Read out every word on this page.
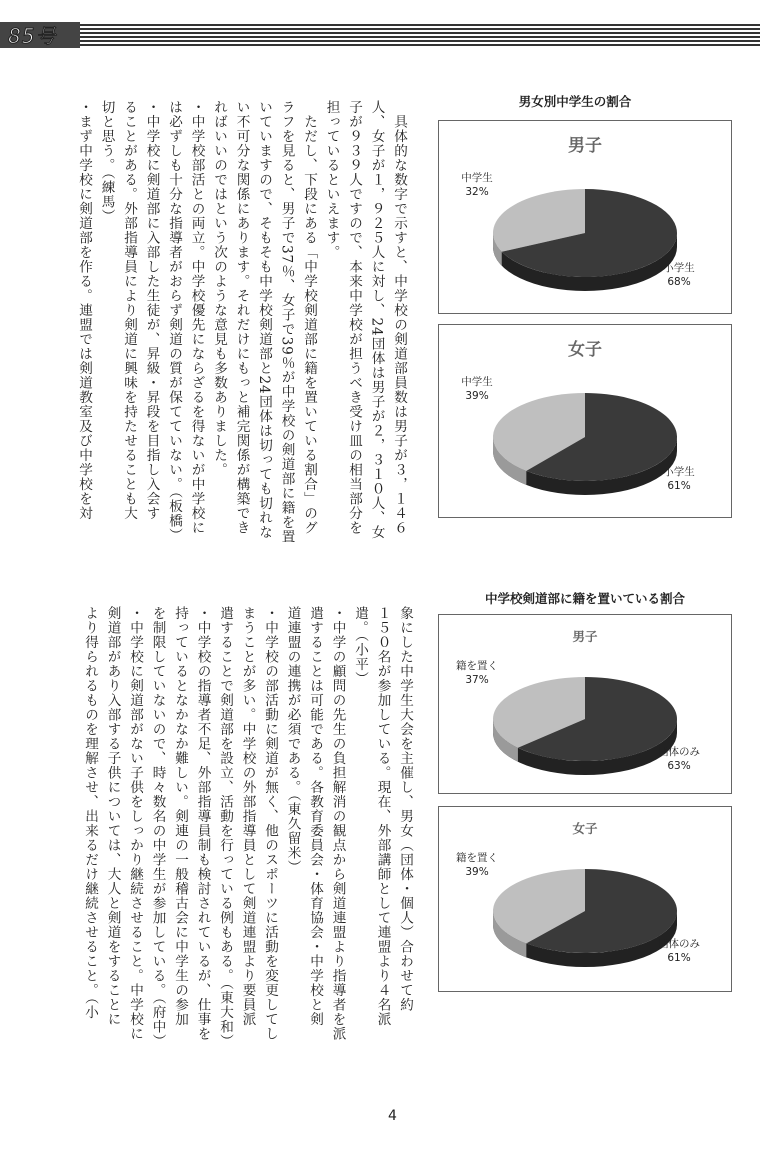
85号
　具体的な数字で示すと、中学校の剣道部員数は男子が３，１４６
人、女子が１，９２５人に対し、24団体は男子が２，３１０人、女
子が９３９人ですので、本来中学校が担うべき受け皿の相当部分を
担っているといえます。
　ただし、下段にある「中学校剣道部に籍を置いている割合」のグ
ラフを見ると、男子で37％、女子で39％が中学校の剣道部に籍を置
いていますので、そもそも中学校剣道部と24団体は切っても切れな
い不可分な関係にあります。それだけにもっと補完関係が構築でき
ればいいのではという次のような意見も多数ありました。
・中学校部活との両立。中学校優先にならざるを得ないが中学校に
は必ずしも十分な指導者がおらず剣道の質が保てていない。（板橋）
・中学校に剣道部に入部した生徒が、昇級・昇段を目指し入会す
ることがある。外部指導員により剣道に興味を持たせることも大
切と思う。（練馬）
・まず中学校に剣道部を作る。連盟では剣道教室及び中学校を対
象にした中学生大会を主催し、男女（団体・個人）合わせて約
１５０名が参加している。現在、外部講師として連盟より４名派
遣。（小平）
・中学の顧問の先生の負担解消の観点から剣道連盟より指導者を派
遣することは可能である。各教育委員会・体育協会・中学校と剣
道連盟の連携が必須である。（東久留米）
・中学校の部活動に剣道が無く、他のスポーツに活動を変更してし
まうことが多い。中学校の外部指導員として剣道連盟より要員派
遣することで剣道部を設立、活動を行っている例もある。（東大和）
・中学校の指導者不足、外部指導員制も検討されているが、仕事を
持っているとなかなか難しい。剣連の一般稽古会に中学生の参加
を制限していないので、時々数名の中学生が参加している。（府中）
・中学校に剣道部がない子供をしっかり継続させること。中学校に
剣道部があり入部する子供については、大人と剣道をすることに
より得られるものを理解させ、出来るだけ継続させること。（小
男女別中学生の割合
中学校剣道部に籍を置いている割合
男子
中学生
32%
小学生
68%
女子
中学生
39%
小学生
61%
男子
籍を置く
37%
団体のみ
63%
女子
籍を置く
39%
団体のみ
61%
4
